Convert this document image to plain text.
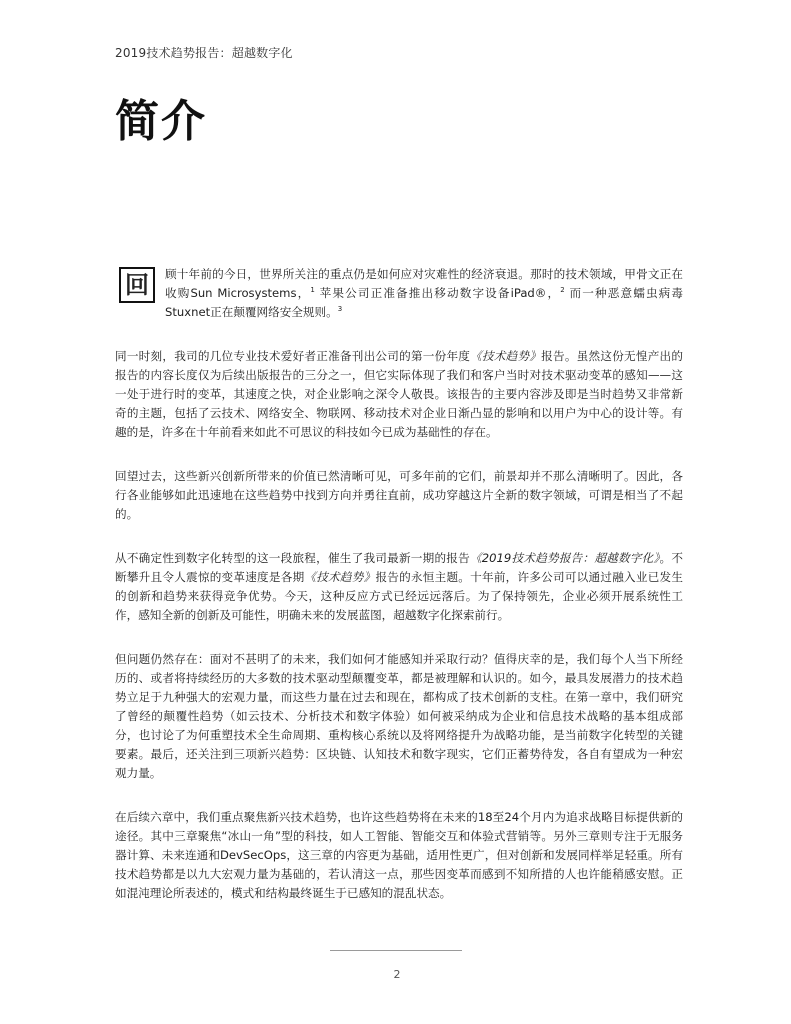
2019技术趋势报告：超越数字化
简介

回	顾十年前的今日，世界所关注的重点仍是如何应对灾难性的经济衰退。那时的技术领域，甲骨文正在收购Sun Microsystems，$^1$ 苹果公司正准备推出移动数字设备iPad®，$^2$ 而一种恶意蠕虫病毒Stuxnet正在颠覆网络安全规则。$^3$

同一时刻，我司的几位专业技术爱好者正准备刊出公司的第一份年度《技术趋势》报告。虽然这份无惶产出的报告的内容长度仅为后续出版报告的三分之一，但它实际体现了我们和客户当时对技术驱动变革的感知——这一处于进行时的变革，其速度之快，对企业影响之深令人敬畏。该报告的主要内容涉及即是当时趋势又非常新奇的主题，包括了云技术、网络安全、物联网、移动技术对企业日渐凸显的影响和以用户为中心的设计等。有趣的是，许多在十年前看来如此不可思议的科技如今已成为基础性的存在。

回望过去，这些新兴创新所带来的价值已然清晰可见，可多年前的它们，前景却并不那么清晰明了。因此，各行各业能够如此迅速地在这些趋势中找到方向并勇往直前，成功穿越这片全新的数字领域，可谓是相当了不起的。

从不确定性到数字化转型的这一段旅程，催生了我司最新一期的报告《2019技术趋势报告：超越数字化》。不断攀升且令人震惊的变革速度是各期《技术趋势》报告的永恒主题。十年前，许多公司可以通过融入业已发生的创新和趋势来获得竞争优势。今天，这种反应方式已经远远落后。为了保持领先，企业必须开展系统性工作，感知全新的创新及可能性，明确未来的发展蓝图，超越数字化探索前行。

但问题仍然存在：面对不甚明了的未来，我们如何才能感知并采取行动？值得庆幸的是，我们每个人当下所经历的、或者将持续经历的大多数的技术驱动型颠覆变革，都是被理解和认识的。如今，最具发展潜力的技术趋势立足于九种强大的宏观力量，而这些力量在过去和现在，都构成了技术创新的支柱。在第一章中，我们研究了曾经的颠覆性趋势（如云技术、分析技术和数字体验）如何被采纳成为企业和信息技术战略的基本组成部分，也讨论了为何重塑技术全生命周期、重构核心系统以及将网络提升为战略功能，是当前数字化转型的关键要素。最后，还关注到三项新兴趋势：区块链、认知技术和数字现实，它们正蓄势待发，各自有望成为一种宏观力量。

在后续六章中，我们重点聚焦新兴技术趋势，也许这些趋势将在未来的18至24个月内为追求战略目标提供新的途径。其中三章聚焦“冰山一角”型的科技，如人工智能、智能交互和体验式营销等。另外三章则专注于无服务器计算、未来连通和DevSecOps，这三章的内容更为基础，适用性更广，但对创新和发展同样举足轻重。所有技术趋势都是以九大宏观力量为基础的，若认清这一点，那些因变革而感到不知所措的人也许能稍感安慰。正如混沌理论所表述的，模式和结构最终诞生于已感知的混乱状态。

2
